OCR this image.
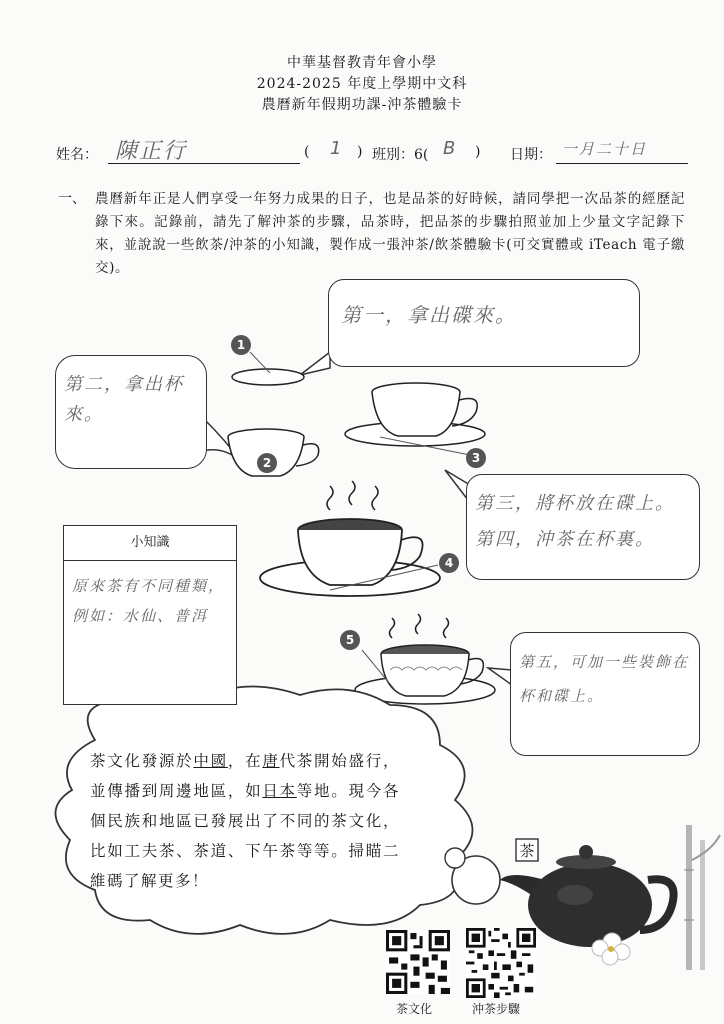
中華基督教青年會小學
2024-2025 年度上學期中文科
農曆新年假期功課-沖茶體驗卡
姓名： 陳正行	( 1 ) 班別：6( B ) 日期： 一月二十日
一、 農曆新年正是人們享受一年努力成果的日子，也是品茶的好時候，請同學把一次品茶的經歷記錄下來。記錄前，請先了解沖茶的步驟，品茶時，把品茶的步驟拍照並加上少量文字記錄下來，並說說一些飲茶/沖茶的小知識，製作成一張沖茶/飲茶體驗卡(可交實體或 iTeach 電子繳交)。
1
2	3
4
5
茶
第一，拿出碟來。
第二，拿出杯來。
第三，將杯放在碟上。
第四，沖茶在杯裏。
第五，可加一些裝飾在
杯和碟上。
小知識
原來茶有不同種類，例如：水仙、普洱
茶文化發源於中國，在唐代茶開始盛行，並傳播到周邊地區，如日本等地。現今各個民族和地區已發展出了不同的茶文化，比如工夫茶、茶道、下午茶等等。掃瞄二維碼了解更多！
茶文化	沖茶步驟
